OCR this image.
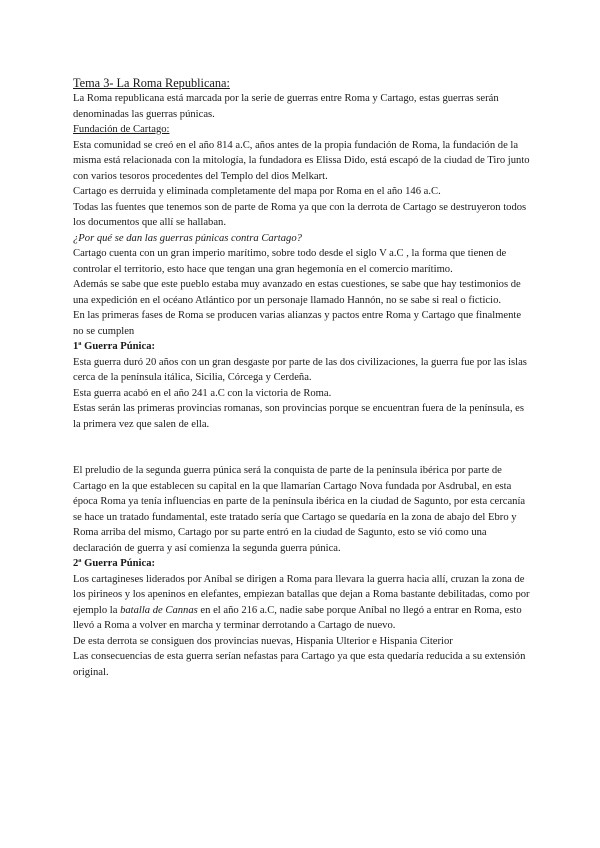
Tema 3- La Roma Republicana:

La Roma republicana está marcada por la serie de guerras entre Roma y Cartago, estas guerras serán denominadas las guerras púnicas.

Fundación de Cartago:

Esta comunidad se creó en el año 814 a.C, años antes de la propia fundación de Roma, la fundación de la misma está relacionada con la mitología, la fundadora es Elissa Dido, está escapó de la ciudad de Tiro junto con varios tesoros procedentes del Templo del dios Melkart.

Cartago es derruida y eliminada completamente del mapa por Roma en el año 146 a.C.

Todas las fuentes que tenemos son de parte de Roma ya que con la derrota de Cartago se destruyeron todos los documentos que allí se hallaban.

¿Por qué se dan las guerras púnicas contra Cartago?

Cartago cuenta con un gran imperio marítimo, sobre todo desde el siglo V a.C , la forma que tienen de controlar el territorio, esto hace que tengan una gran hegemonía en el comercio marítimo.

Además se sabe que este pueblo estaba muy avanzado en estas cuestiones, se sabe que hay testimonios de una expedición en el océano Atlántico por un personaje llamado Hannón, no se sabe si real o ficticio.

En las primeras fases de Roma se producen varias alianzas y pactos entre Roma y Cartago que finalmente no se cumplen

1ª Guerra Púnica:

Esta guerra duró 20 años con un gran desgaste por parte de las dos civilizaciones, la guerra fue por las islas cerca de la península itálica, Sicilia, Córcega y Cerdeña.

Esta guerra acabó en el año 241 a.C con la victoria de Roma.

Estas serán las primeras provincias romanas, son provincias porque se encuentran fuera de la península, es la primera vez que salen de ella.

El preludio de la segunda guerra púnica será la conquista de parte de la península ibérica por parte de Cartago en la que establecen su capital en la que llamarían Cartago Nova fundada por Asdrubal, en esta época Roma ya tenía influencias en parte de la península ibérica en la ciudad de Sagunto, por esta cercanía se hace un tratado fundamental, este tratado sería que Cartago se quedaría en la zona de abajo del Ebro y Roma arriba del mismo, Cartago por su parte entró en la ciudad de Sagunto, esto se vió como una declaración de guerra y así comienza la segunda guerra púnica.

2ª Guerra Púnica:

Los cartagineses liderados por Aníbal se dirigen a Roma para llevara la guerra hacia allí, cruzan la zona de los pirineos y los apeninos en elefantes, empiezan batallas que dejan a Roma bastante debilitadas, como por ejemplo la batalla de Cannas en el año 216 a.C, nadie sabe porque Aníbal no llegó a entrar en Roma, esto llevó a Roma a volver en marcha y terminar derrotando a Cartago de nuevo.

De esta derrota se consiguen dos provincias nuevas, Hispania Ulterior e Hispania Citerior

Las consecuencias de esta guerra serían nefastas para Cartago ya que esta quedaría reducida a su extensión original.
